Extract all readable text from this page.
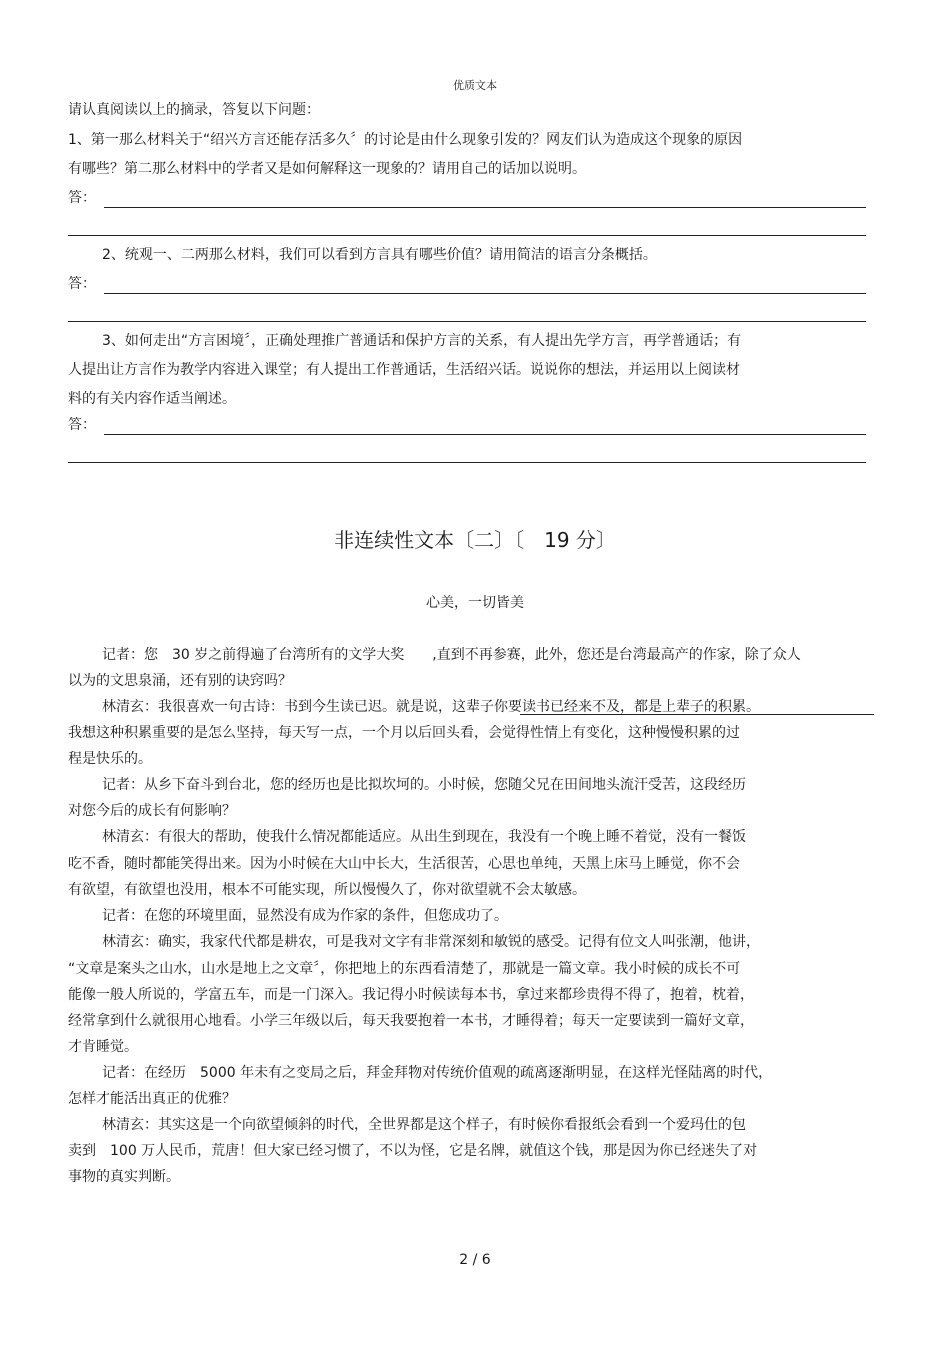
优质文本
请认真阅读以上的摘录，答复以下问题：
1、第一那么材料关于“绍兴方言还能存活多久〞的讨论是由什么现象引发的？网友们认为造成这个现象的原因
有哪些？第二那么材料中的学者又是如何解释这一现象的？请用自己的话加以说明。
答：
2、统观一、二两那么材料，我们可以看到方言具有哪些价值？请用简洁的语言分条概括。
答：
3、如何走出“方言困境〞，正确处理推广普通话和保护方言的关系，有人提出先学方言，再学普通话；有
人提出让方言作为教学内容进入课堂；有人提出工作普通话，生活绍兴话。说说你的想法，并运用以上阅读材
料的有关内容作适当阐述。
答：
非连续性文本〔二〕〔　19 分〕
心美，一切皆美
记者：您　30 岁之前得遍了台湾所有的文学大奖　　,直到不再参赛，此外，您还是台湾最高产的作家，除了众人
以为的文思泉涌，还有别的诀窍吗？
林清玄：我很喜欢一句古诗：书到今生读已迟。就是说，这辈子你要读书已经来不及，都是上辈子的积累。
我想这种积累重要的是怎么坚持，每天写一点，一个月以后回头看，会觉得性情上有变化，这种慢慢积累的过
程是快乐的。
记者：从乡下奋斗到台北，您的经历也是比拟坎坷的。小时候，您随父兄在田间地头流汗受苦，这段经历
对您今后的成长有何影响？
林清玄：有很大的帮助，使我什么情况都能适应。从出生到现在，我没有一个晚上睡不着觉，没有一餐饭
吃不香，随时都能笑得出来。因为小时候在大山中长大，生活很苦，心思也单纯，天黑上床马上睡觉，你不会
有欲望，有欲望也没用，根本不可能实现，所以慢慢久了，你对欲望就不会太敏感。
记者：在您的环境里面，显然没有成为作家的条件，但您成功了。
林清玄：确实，我家代代都是耕农，可是我对文字有非常深刻和敏锐的感受。记得有位文人叫张潮，他讲，
“文章是案头之山水，山水是地上之文章〞，你把地上的东西看清楚了，那就是一篇文章。我小时候的成长不可
能像一般人所说的，学富五车，而是一门深入。我记得小时候读每本书，拿过来都珍贵得不得了，抱着，枕着，
经常拿到什么就很用心地看。小学三年级以后，每天我要抱着一本书，才睡得着；每天一定要读到一篇好文章，
才肯睡觉。
记者：在经历　5000 年未有之变局之后，拜金拜物对传统价值观的疏离逐渐明显，在这样光怪陆离的时代，
怎样才能活出真正的优雅？
林清玄：其实这是一个向欲望倾斜的时代，全世界都是这个样子，有时候你看报纸会看到一个爱玛仕的包
卖到　100 万人民币，荒唐！但大家已经习惯了，不以为怪，它是名牌，就值这个钱，那是因为你已经迷失了对
事物的真实判断。
2 / 6
